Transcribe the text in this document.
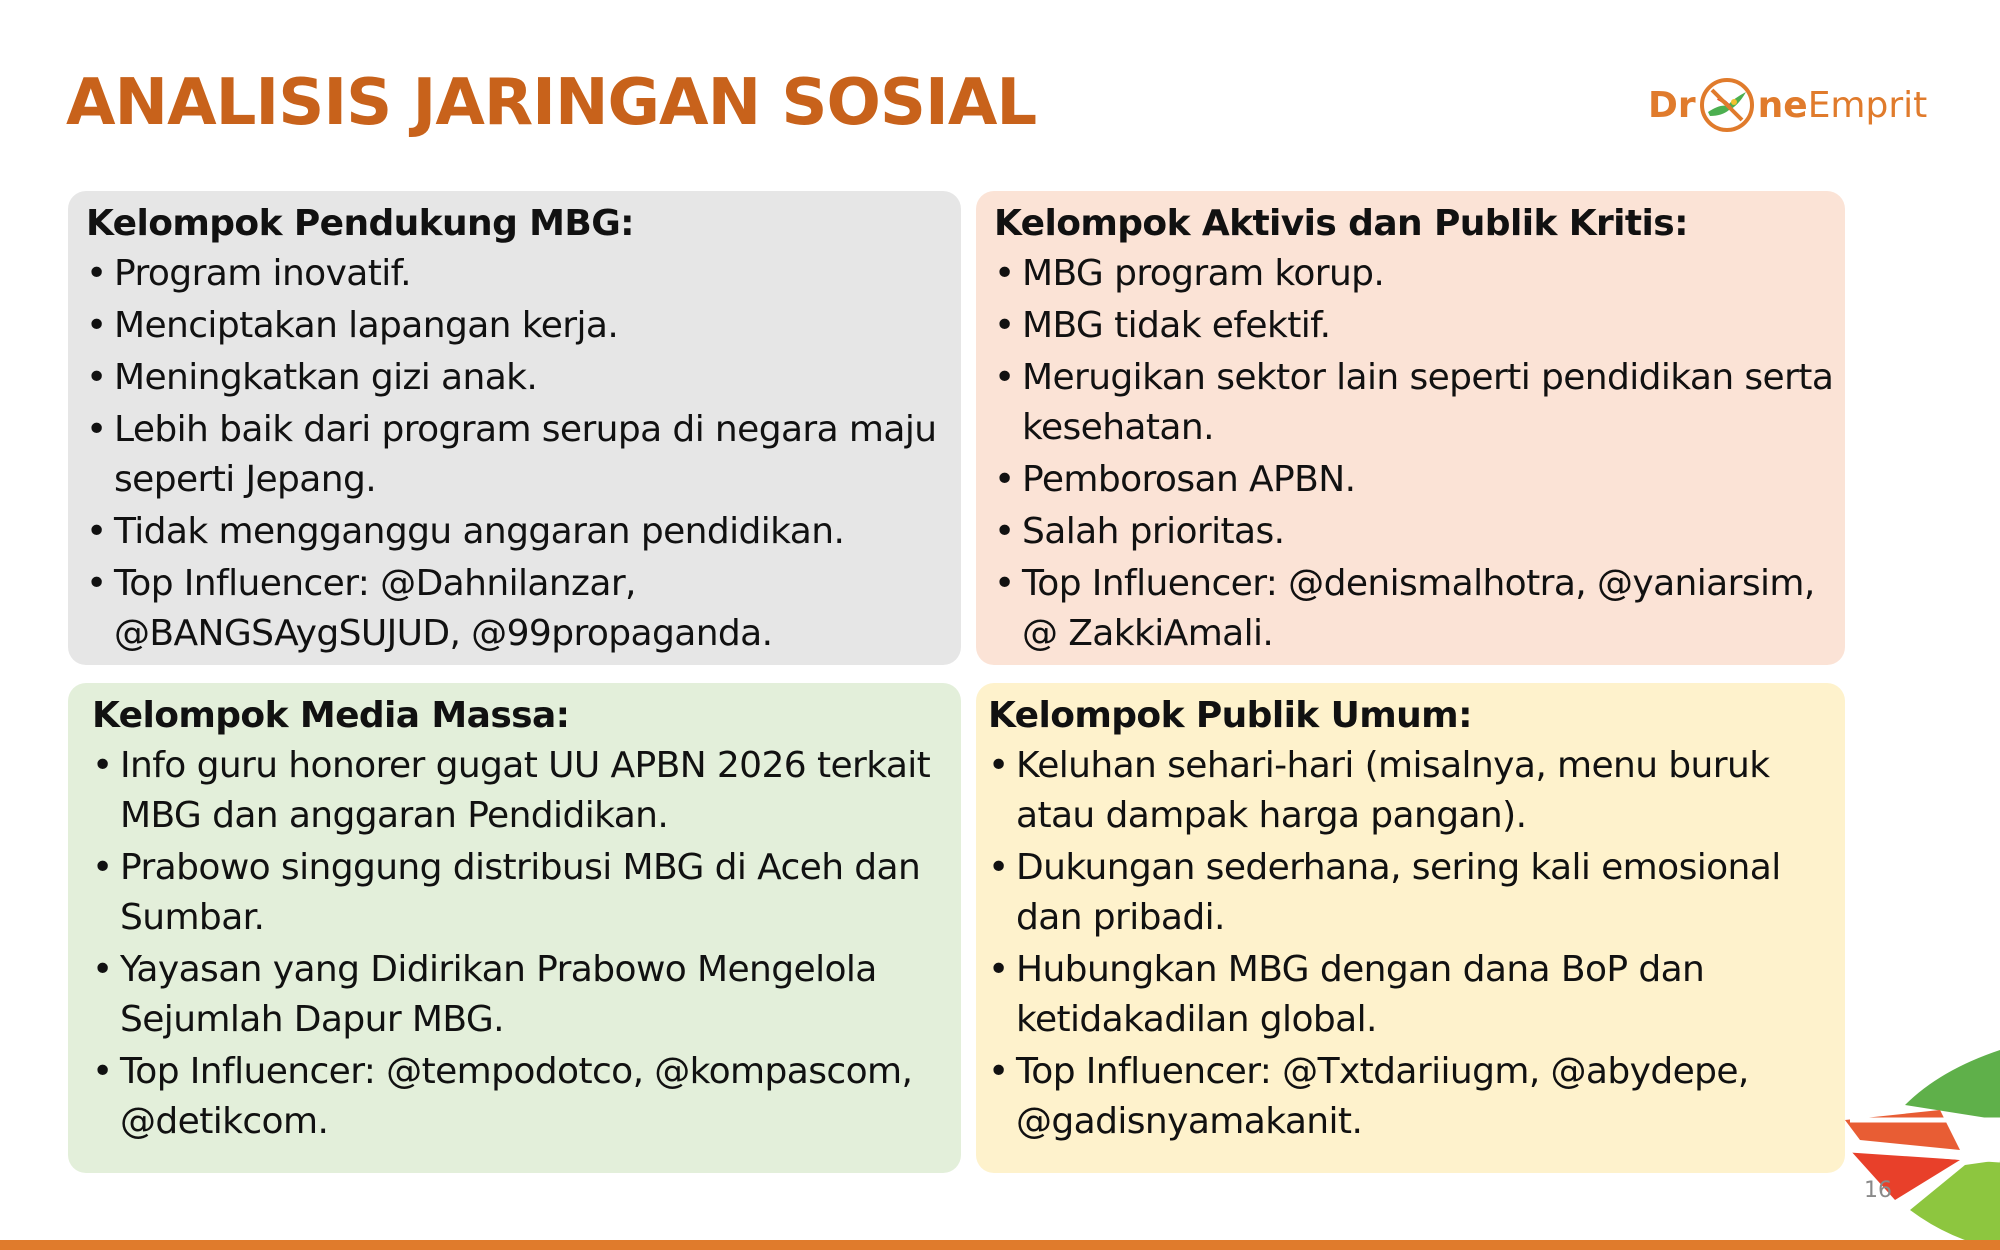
ANALISIS JARINGAN SOSIAL	Dr ne Emprit
Kelompok Pendukung MBG:
• Program inovatif.
• Menciptakan lapangan kerja.
• Meningkatkan gizi anak.
• Lebih baik dari program serupa di negara maju seperti Jepang.
• Tidak mengganggu anggaran pendidikan.
• Top Influencer: @Dahnilanzar, @BANGSAygSUJUD, @99propaganda.
Kelompok Aktivis dan Publik Kritis:
• MBG program korup.
• MBG tidak efektif.
• Merugikan sektor lain seperti pendidikan serta kesehatan.
• Pemborosan APBN.
• Salah prioritas.
• Top Influencer: @denismalhotra, @yaniarsim, @ ZakkiAmali.
Kelompok Media Massa:
• Info guru honorer gugat UU APBN 2026 terkait MBG dan anggaran Pendidikan.
• Prabowo singgung distribusi MBG di Aceh dan Sumbar.
• Yayasan yang Didirikan Prabowo Mengelola Sejumlah Dapur MBG.
• Top Influencer: @tempodotco, @kompascom, @detikcom.
Kelompok Publik Umum:
• Keluhan sehari-hari (misalnya, menu buruk atau dampak harga pangan).
• Dukungan sederhana, sering kali emosional dan pribadi.
• Hubungkan MBG dengan dana BoP dan ketidakadilan global.
• Top Influencer: @Txtdariiugm, @abydepe, @gadisnyamakanit.
16
